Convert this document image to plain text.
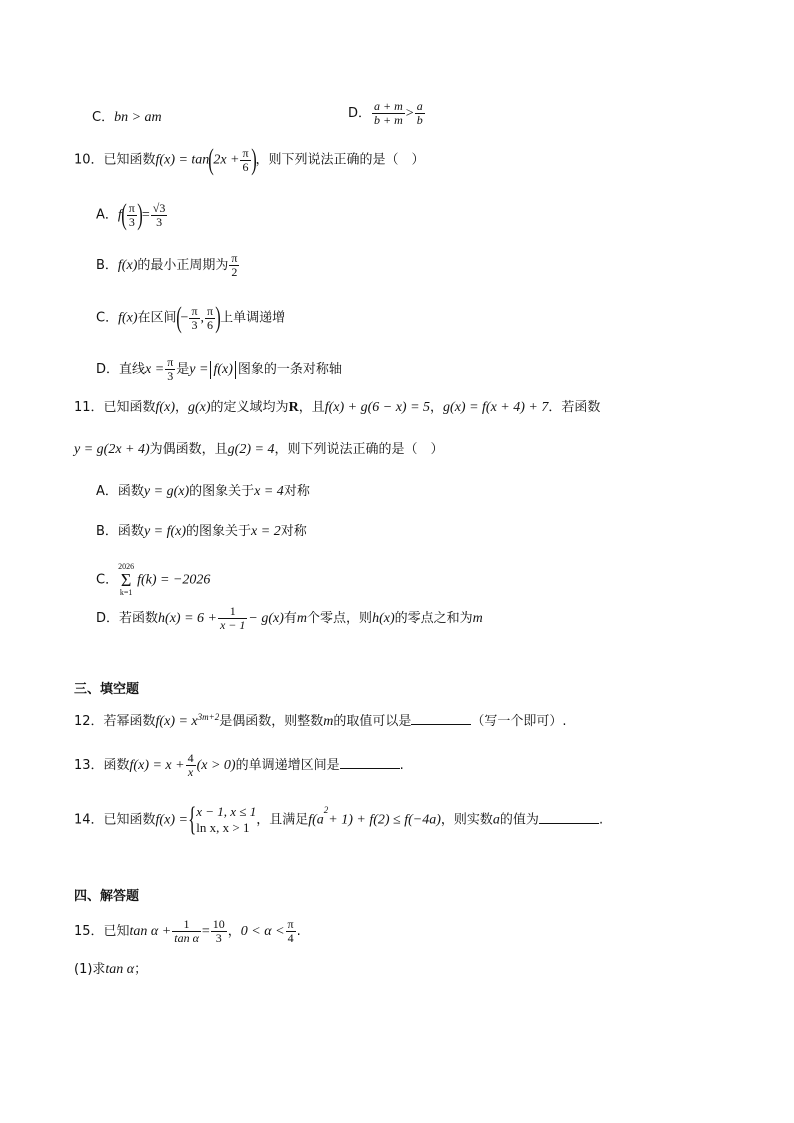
C．bn > am	D． $\frac{a + m}{b + m} > \frac{a}{b}$
10．已知函数$f(x) = \tan(2x + \frac{\pi}{6}$ )，则下列说法正确的是（　）
A．$f( \frac{\pi}{3}$ )= $\frac{√3}{3}$
B．f(x)的最小正周期为 $\frac{\pi}{2}$
C．f(x)在区间(− $\frac{\pi}{3}$ , $\frac{\pi}{6}$ )上单调递增
D．直线$x = \frac{\pi}{3}$ 是y = f(x) 图象的一条对称轴
11．已知函数f(x)，g(x)的定义域均为R，且f(x) + g(6 − x) = 5，g(x) = f(x + 4) + 7．若函数
y = g(2x + 4)为偶函数，且g(2) = 4，则下列说法正确的是（　）
A．函数y = g(x)的图象关于x = 4对称
B．函数y = f(x)的图象关于x = 2对称
C．
2026
Σ
k=1
f(k) = −2026
D．若函数$h(x) = 6 + \frac{1}{x - 1} - g(x)$有m个零点，则h(x)的零点之和为m
三、填空题
12．若幂函数$f(x) = x^{3m+2}$是偶函数，则整数m的取值可以是	（写一个即可）.
13．函数$f(x) = x + \frac{4}{x} (x > 0)$的单调递增区间是	.
14．已知函数f(x) ={ x − 1, x ≤ 1
ln x, x > 1 ，且满足$f(a^2+ 1) + f(2) \le f(-4a)$，则实数a的值为	.
四、解答题
15．已知$\tan \alpha + \frac{1}{\text{tan α}} = \frac{10}{3}$ ，$0 < \alpha < \frac{\pi}{4}$ .
(1)求tan α；
